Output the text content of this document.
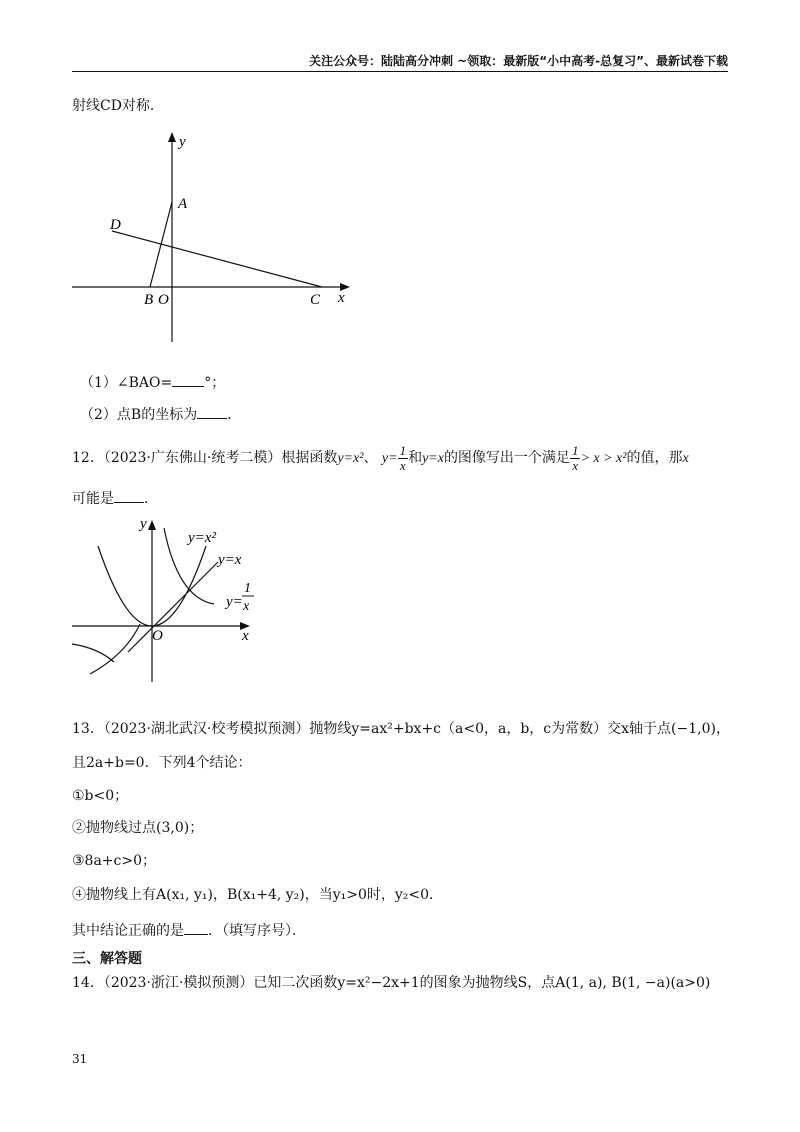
关注公众号：陆陆高分冲刺 ~领取：最新版“小中高考-总复习”、最新试卷下载
射线CD对称．
y
A
D
B O	C x
（1）∠BAO= °；
（2）点B的坐标为 ．
12．（2023·广东佛山·统考二模）根据函数y=x²、 $y= \frac{1}{x}$ 和y=x的图像写出一个满足 $\frac{1}{x} > x > x^2$的值，那x
可能是 ．
y
x
O
y=x²
y=x
y=
1
x
13．（2023·湖北武汉·校考模拟预测）抛物线y=ax²+bx+c（a<0，a，b，c为常数）交x轴于点(−1,0)，
且2a+b=0．下列4个结论：
①b<0；
②抛物线过点(3,0)；
③8a+c>0；
④抛物线上有A(x₁, y₁)，B(x₁+4, y₂)，当y₁>0时，y₂<0．
其中结论正确的是 ．（填写序号）．
三、解答题
14．（2023·浙江·模拟预测）已知二次函数y=x²−2x+1的图象为抛物线S，点A(1, a), B(1, −a)(a>0)
31
